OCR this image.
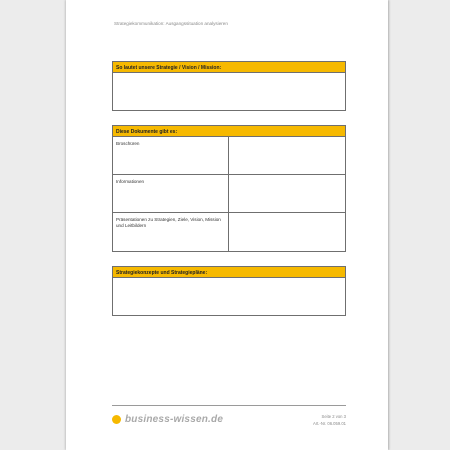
Strategiekommunikation: Ausgangssituation analysieren
So lautet unsere Strategie / Vision / Mission:
Diese Dokumente gibt es:
Broschüren
Informationen
Präsentationen zu Strategien, Ziele, Vision, Mission und Leitbildern
Strategiekonzepte und Strategiepläne:
business-wissen.de	Seite 2 von 3
Art.-Nr. 06.059.01
